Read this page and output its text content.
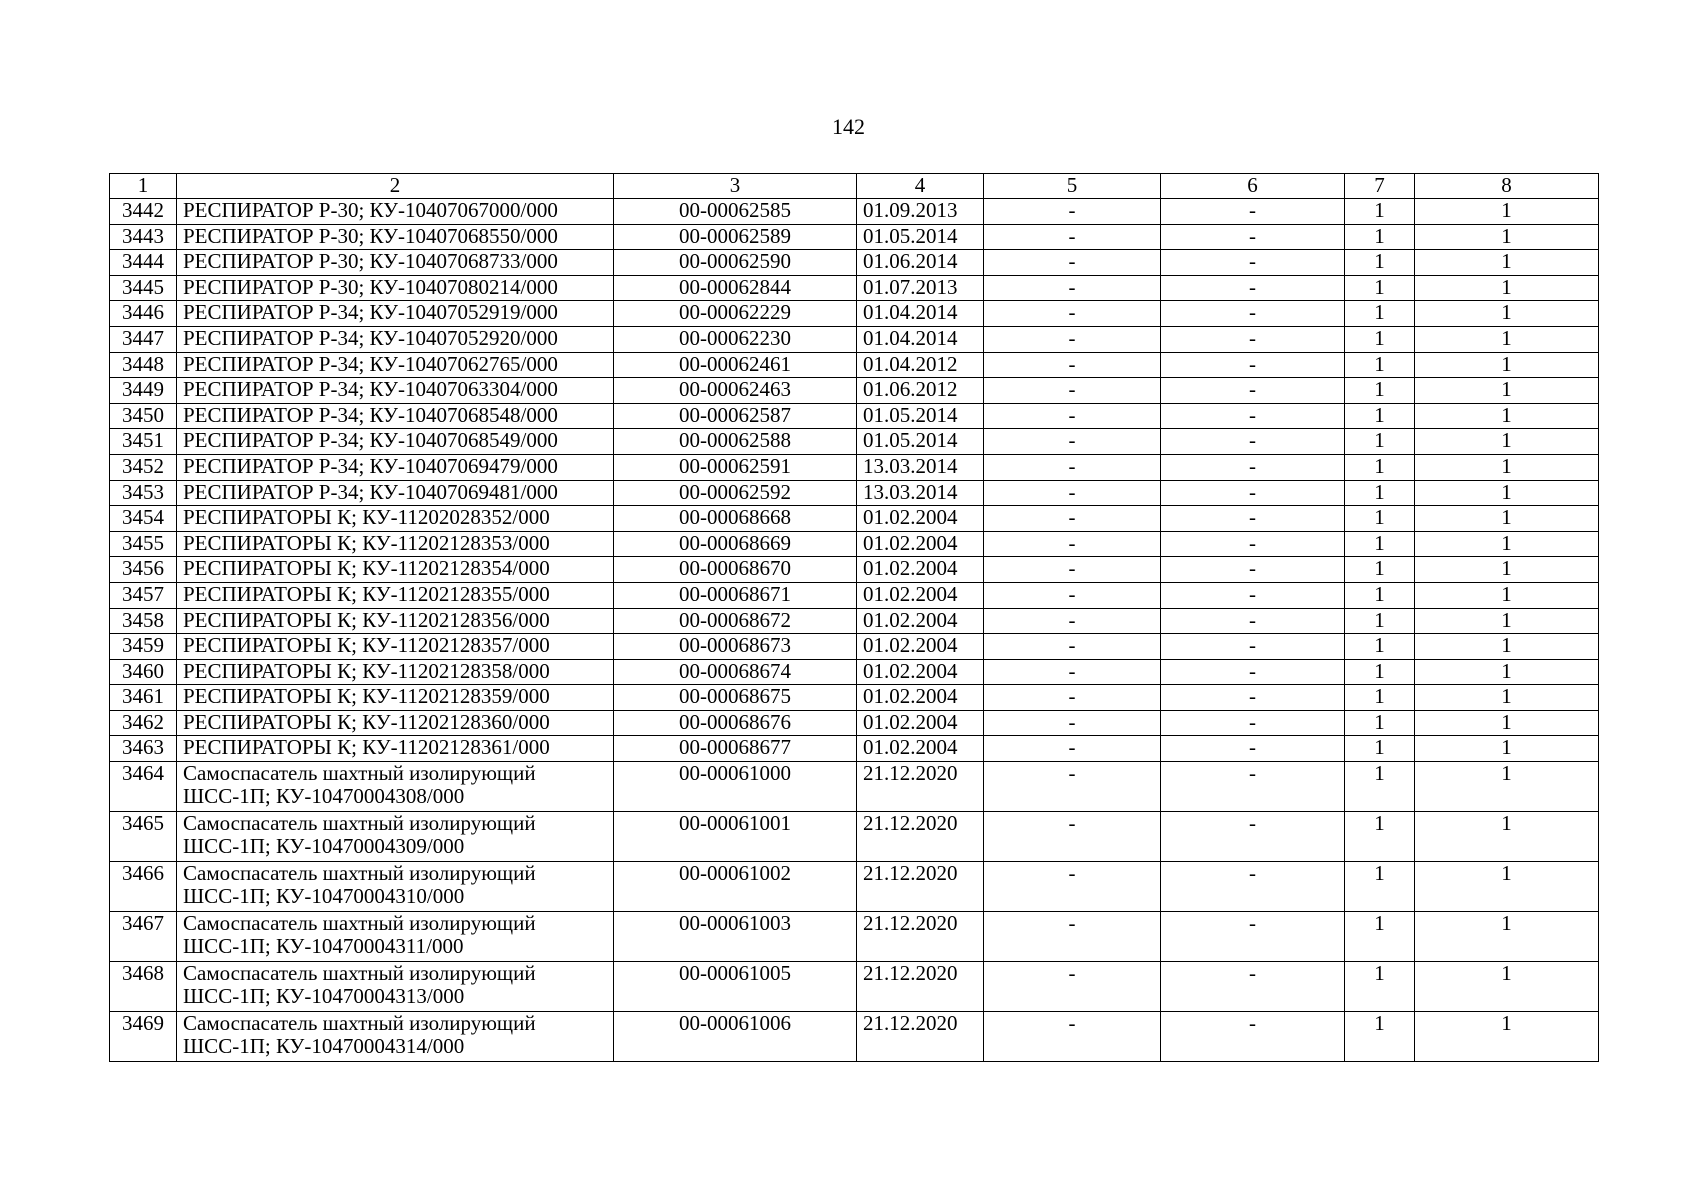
142
1	2	3	4	5	6	7	8
3442	РЕСПИРАТОР Р-30; КУ-10407067000/000	00-00062585	01.09.2013	-	-	1	1
3443	РЕСПИРАТОР Р-30; КУ-10407068550/000	00-00062589	01.05.2014	-	-	1	1
3444	РЕСПИРАТОР Р-30; КУ-10407068733/000	00-00062590	01.06.2014	-	-	1	1
3445	РЕСПИРАТОР Р-30; КУ-10407080214/000	00-00062844	01.07.2013	-	-	1	1
3446	РЕСПИРАТОР Р-34; КУ-10407052919/000	00-00062229	01.04.2014	-	-	1	1
3447	РЕСПИРАТОР Р-34; КУ-10407052920/000	00-00062230	01.04.2014	-	-	1	1
3448	РЕСПИРАТОР Р-34; КУ-10407062765/000	00-00062461	01.04.2012	-	-	1	1
3449	РЕСПИРАТОР Р-34; КУ-10407063304/000	00-00062463	01.06.2012	-	-	1	1
3450	РЕСПИРАТОР Р-34; КУ-10407068548/000	00-00062587	01.05.2014	-	-	1	1
3451	РЕСПИРАТОР Р-34; КУ-10407068549/000	00-00062588	01.05.2014	-	-	1	1
3452	РЕСПИРАТОР Р-34; КУ-10407069479/000	00-00062591	13.03.2014	-	-	1	1
3453	РЕСПИРАТОР Р-34; КУ-10407069481/000	00-00062592	13.03.2014	-	-	1	1
3454	РЕСПИРАТОРЫ К; КУ-11202028352/000	00-00068668	01.02.2004	-	-	1	1
3455	РЕСПИРАТОРЫ К; КУ-11202128353/000	00-00068669	01.02.2004	-	-	1	1
3456	РЕСПИРАТОРЫ К; КУ-11202128354/000	00-00068670	01.02.2004	-	-	1	1
3457	РЕСПИРАТОРЫ К; КУ-11202128355/000	00-00068671	01.02.2004	-	-	1	1
3458	РЕСПИРАТОРЫ К; КУ-11202128356/000	00-00068672	01.02.2004	-	-	1	1
3459	РЕСПИРАТОРЫ К; КУ-11202128357/000	00-00068673	01.02.2004	-	-	1	1
3460	РЕСПИРАТОРЫ К; КУ-11202128358/000	00-00068674	01.02.2004	-	-	1	1
3461	РЕСПИРАТОРЫ К; КУ-11202128359/000	00-00068675	01.02.2004	-	-	1	1
3462	РЕСПИРАТОРЫ К; КУ-11202128360/000	00-00068676	01.02.2004	-	-	1	1
3463	РЕСПИРАТОРЫ К; КУ-11202128361/000	00-00068677	01.02.2004	-	-	1	1
3464	Самоспасатель шахтный изолирующий ШСС-1П; КУ-10470004308/000	00-00061000	21.12.2020	-	-	1	1
3465	Самоспасатель шахтный изолирующий ШСС-1П; КУ-10470004309/000	00-00061001	21.12.2020	-	-	1	1
3466	Самоспасатель шахтный изолирующий ШСС-1П; КУ-10470004310/000	00-00061002	21.12.2020	-	-	1	1
3467	Самоспасатель шахтный изолирующий ШСС-1П; КУ-10470004311/000	00-00061003	21.12.2020	-	-	1	1
3468	Самоспасатель шахтный изолирующий ШСС-1П; КУ-10470004313/000	00-00061005	21.12.2020	-	-	1	1
3469	Самоспасатель шахтный изолирующий ШСС-1П; КУ-10470004314/000	00-00061006	21.12.2020	-	-	1	1
